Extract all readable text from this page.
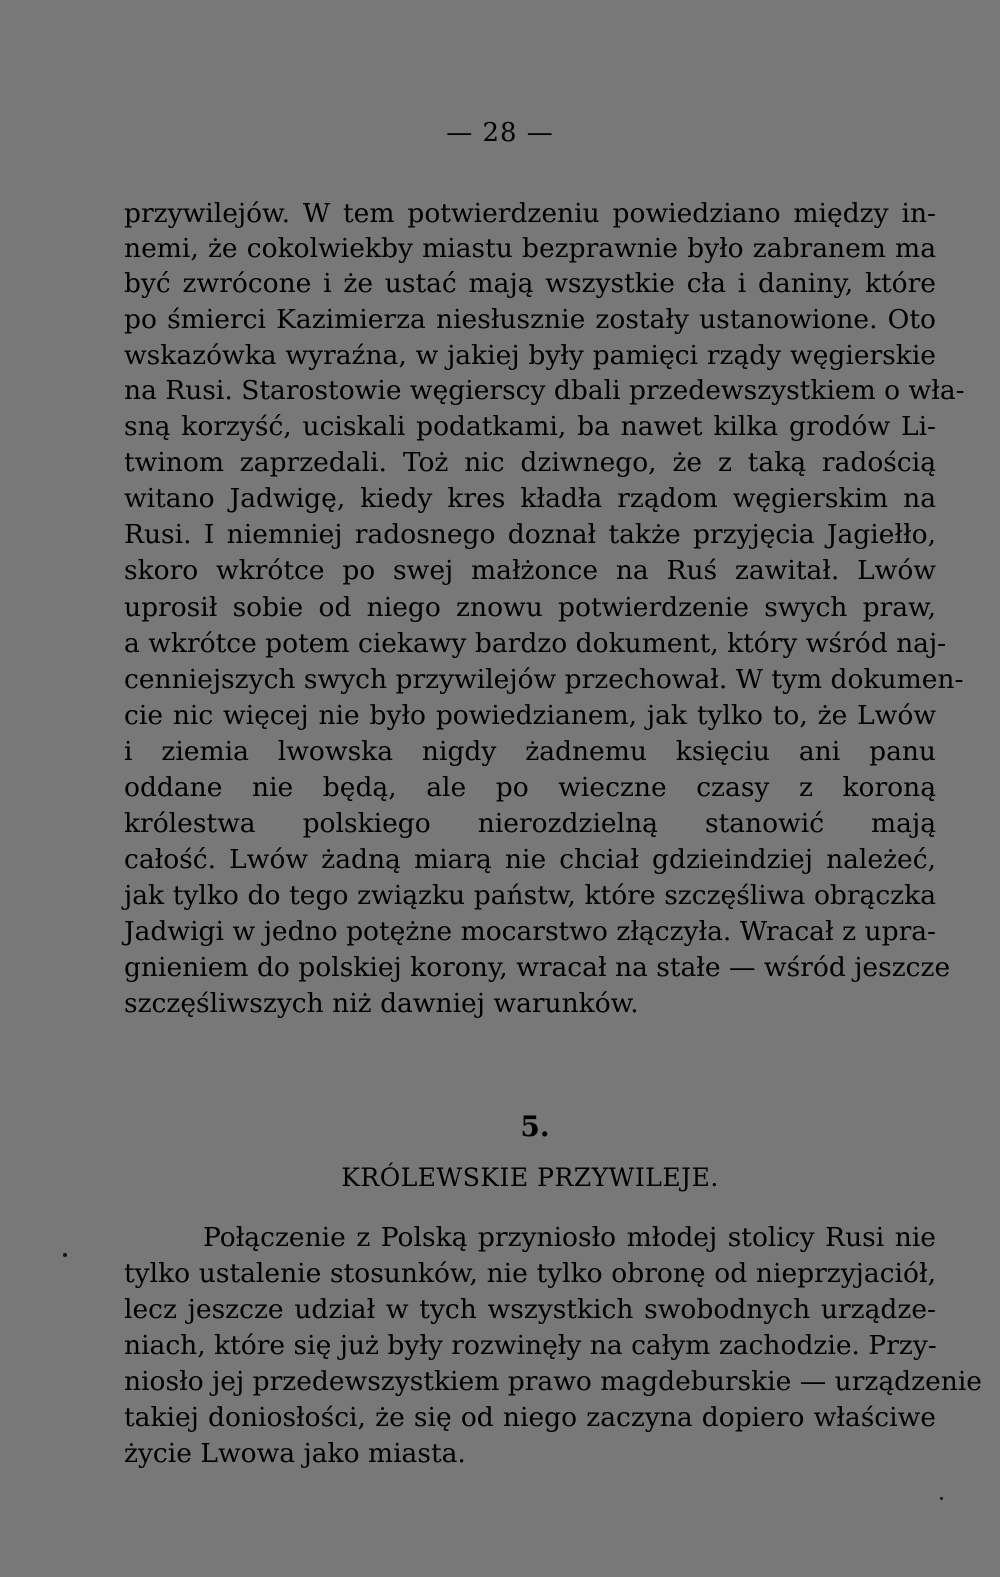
— 28 —
przywilejów. W tem potwierdzeniu powiedziano między in-
nemi, że cokolwiekby miastu bezprawnie było zabranem ma
być zwrócone i że ustać mają wszystkie cła i daniny, które
po śmierci Kazimierza niesłusznie zostały ustanowione. Oto
wskazówka wyraźna, w jakiej były pamięci rządy węgierskie
na Rusi. Starostowie węgierscy dbali przedewszystkiem o wła-
sną korzyść, uciskali podatkami, ba nawet kilka grodów Li-
twinom zaprzedali. Toż nic dziwnego, że z taką radością
witano Jadwigę, kiedy kres kładła rządom węgierskim na
Rusi. I niemniej radosnego doznał także przyjęcia Jagiełło,
skoro wkrótce po swej małżonce na Ruś zawitał. Lwów
uprosił sobie od niego znowu potwierdzenie swych praw,
a wkrótce potem ciekawy bardzo dokument, który wśród naj-
cenniejszych swych przywilejów przechował. W tym dokumen-
cie nic więcej nie było powiedzianem, jak tylko to, że Lwów
i ziemia lwowska nigdy żadnemu księciu ani panu
oddane nie będą, ale po wieczne czasy z koroną
królestwa polskiego nierozdzielną stanowić mają
całość. Lwów żadną miarą nie chciał gdzieindziej należeć,
jak tylko do tego związku państw, które szczęśliwa obrączka
Jadwigi w jedno potężne mocarstwo złączyła. Wracał z upra-
gnieniem do polskiej korony, wracał na stałe — wśród jeszcze
szczęśliwszych niż dawniej warunków.
5.
KRÓLEWSKIE PRZYWILEJE.
Połączenie z Polską przyniosło młodej stolicy Rusi nie
tylko ustalenie stosunków, nie tylko obronę od nieprzyjaciół,
lecz jeszcze udział w tych wszystkich swobodnych urządze-
niach, które się już były rozwinęły na całym zachodzie. Przy-
niosło jej przedewszystkiem prawo magdeburskie — urządzenie
takiej doniosłości, że się od niego zaczyna dopiero właściwe
życie Lwowa jako miasta.
